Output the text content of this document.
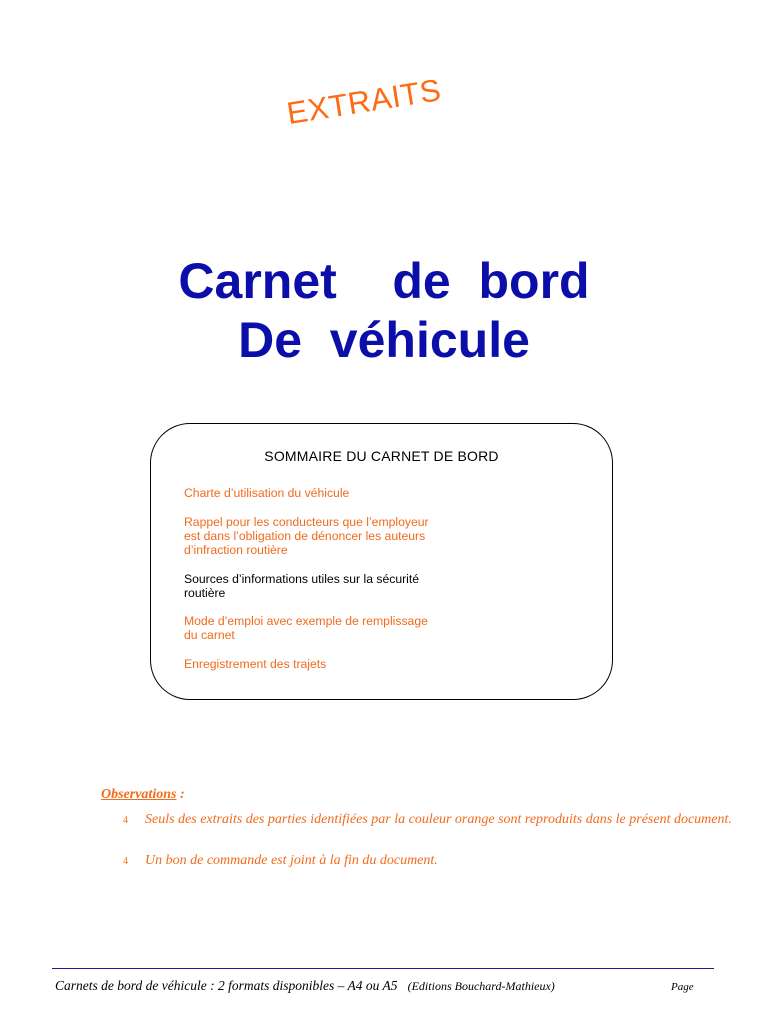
EXTRAITS
Carnet    de  bord
De  véhicule
SOMMAIRE DU CARNET DE BORD
Charte d’utilisation du véhicule
Rappel pour les conducteurs que l’employeur
est dans l’obligation de dénoncer les auteurs
d’infraction routière
Sources d’informations utiles sur la sécurité
routière
Mode d’emploi avec exemple de remplissage
du carnet
Enregistrement des trajets
Observations :
4 Seuls des extraits des parties identifiées par la couleur orange sont reproduits dans le présent document.
4 Un bon de commande est joint à la fin du document.
Carnets de bord de véhicule : 2 formats disponibles – A4 ou A5 (Editions Bouchard-Mathieux)	Page
